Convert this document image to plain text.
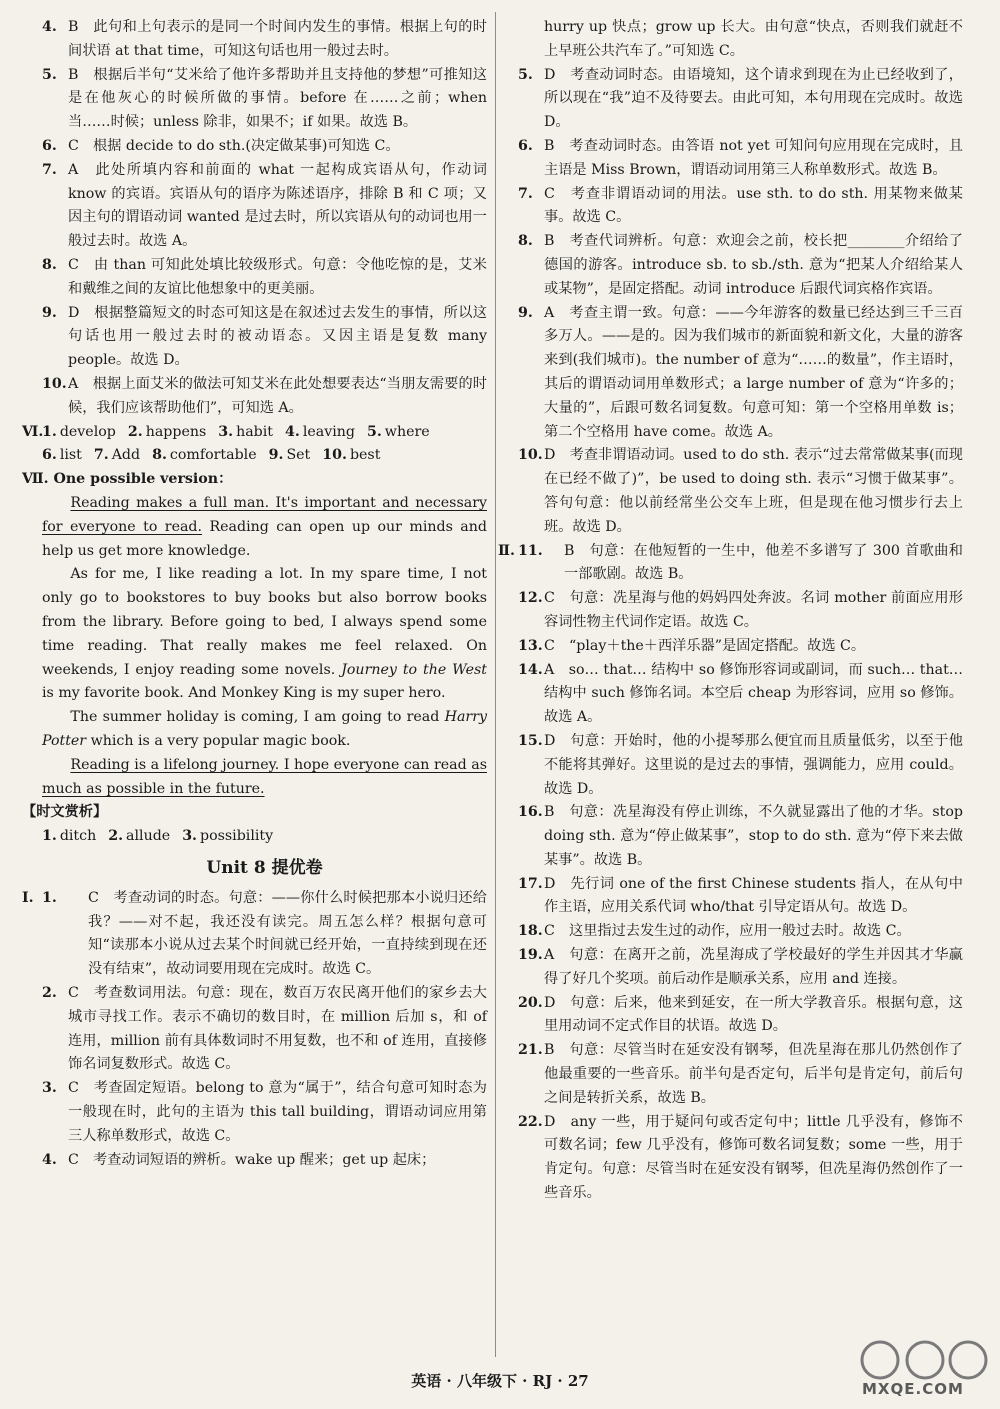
4. B　此句和上句表示的是同一个时间内发生的事情。根据上句的时间状语 at that time，可知这句话也用一般过去时。

5. B　根据后半句“艾米给了他许多帮助并且支持他的梦想”可推知这是在他灰心的时候所做的事情。before 在……之前；when 当……时候；unless 除非，如果不；if 如果。故选 B。

6. C　根据 decide to do sth.(决定做某事)可知选 C。

7. A　此处所填内容和前面的 what 一起构成宾语从句，作动词 know 的宾语。宾语从句的语序为陈述语序，排除 B 和 C 项；又因主句的谓语动词 wanted 是过去时，所以宾语从句的动词也用一般过去时。故选 A。

8. C　由 than 可知此处填比较级形式。句意：令他吃惊的是，艾米和戴维之间的友谊比他想象中的更美丽。

9. D　根据整篇短文的时态可知这是在叙述过去发生的事情，所以这句话也用一般过去时的被动语态。又因主语是复数 many people。故选 D。

10. A　根据上面艾米的做法可知艾米在此处想要表达“当朋友需要的时候，我们应该帮助他们”，可知选 A。

Ⅵ.
1. develop 2. happens 3. habit 4. leaving 5. where
6. list 7. Add 8. comfortable 9. Set 10. best
Ⅶ. One possible version：

Reading makes a full man. It's important and necessary for everyone to read. Reading can open up our minds and help us get more knowledge.

As for me, I like reading a lot. In my spare time, I not only go to bookstores to buy books but also borrow books from the library. Before going to bed, I always spend some time reading. That really makes me feel relaxed. On weekends, I enjoy reading some novels. Journey to the West is my favorite book. And Monkey King is my super hero.

The summer holiday is coming, I am going to read Harry Potter which is a very popular magic book.

Reading is a lifelong journey. I hope everyone can read as much as possible in the future.

【时文赏析】
1. ditch 2. allude 3. possibility
Unit 8 提优卷

Ⅰ. 1. C　考查动词的时态。句意：——你什么时候把那本小说归还给我？——对不起，我还没有读完。周五怎么样？根据句意可知“读那本小说从过去某个时间就已经开始，一直持续到现在还没有结束”，故动词要用现在完成时。故选 C。

2. C　考查数词用法。句意：现在，数百万农民离开他们的家乡去大城市寻找工作。表示不确切的数目时，在 million 后加 s，和 of 连用，million 前有具体数词时不用复数，也不和 of 连用，直接修饰名词复数形式。故选 C。

3. C　考查固定短语。belong to 意为“属于”，结合句意可知时态为一般现在时，此句的主语为 this tall building，谓语动词应用第三人称单数形式，故选 C。

4. C　考查动词短语的辨析。wake up 醒来；get up 起床；

hurry up 快点；grow up 长大。由句意“快点，否则我们就赶不上早班公共汽车了。”可知选 C。

5. D　考查动词时态。由语境知，这个请求到现在为止已经收到了，所以现在“我”迫不及待要去。由此可知，本句用现在完成时。故选 D。

6. B　考查动词时态。由答语 not yet 可知问句应用现在完成时，且主语是 Miss Brown，谓语动词用第三人称单数形式。故选 B。

7. C　考查非谓语动词的用法。use sth. to do sth. 用某物来做某事。故选 C。

8. B　考查代词辨析。句意：欢迎会之前，校长把________介绍给了德国的游客。introduce sb. to sb./sth. 意为“把某人介绍给某人或某物”，是固定搭配。动词 introduce 后跟代词宾格作宾语。

9. A　考查主谓一致。句意：——今年游客的数量已经达到三千三百多万人。——是的。因为我们城市的新面貌和新文化，大量的游客来到(我们城市)。the number of 意为“……的数量”，作主语时，其后的谓语动词用单数形式；a large number of 意为“许多的；大量的”，后跟可数名词复数。句意可知：第一个空格用单数 is；第二个空格用 have come。故选 A。

10. D　考查非谓语动词。used to do sth. 表示“过去常常做某事(而现在已经不做了)”，be used to doing sth. 表示“习惯于做某事”。答句句意：他以前经常坐公交车上班，但是现在他习惯步行去上班。故选 D。

Ⅱ. 11. B　句意：在他短暂的一生中，他差不多谱写了 300 首歌曲和一部歌剧。故选 B。

12. C　句意：冼星海与他的妈妈四处奔波。名词 mother 前面应用形容词性物主代词作定语。故选 C。

13. C　“play＋the＋西洋乐器”是固定搭配。故选 C。

14. A　so… that… 结构中 so 修饰形容词或副词，而 such… that… 结构中 such 修饰名词。本空后 cheap 为形容词，应用 so 修饰。故选 A。

15. D　句意：开始时，他的小提琴那么便宜而且质量低劣，以至于他不能将其弹好。这里说的是过去的事情，强调能力，应用 could。故选 D。

16. B　句意：冼星海没有停止训练，不久就显露出了他的才华。stop doing sth. 意为“停止做某事”，stop to do sth. 意为“停下来去做某事”。故选 B。

17. D　先行词 one of the first Chinese students 指人，在从句中作主语，应用关系代词 who/that 引导定语从句。故选 D。

18. C　这里指过去发生过的动作，应用一般过去时。故选 C。

19. A　句意：在离开之前，冼星海成了学校最好的学生并因其才华赢得了好几个奖项。前后动作是顺承关系，应用 and 连接。

20. D　句意：后来，他来到延安，在一所大学教音乐。根据句意，这里用动词不定式作目的状语。故选 D。

21. B　句意：尽管当时在延安没有钢琴，但冼星海在那儿仍然创作了他最重要的一些音乐。前半句是否定句，后半句是肯定句，前后句之间是转折关系，故选 B。

22. D　any 一些，用于疑问句或否定句中；little 几乎没有，修饰不可数名词；few 几乎没有，修饰可数名词复数；some 一些，用于肯定句。句意：尽管当时在延安没有钢琴，但冼星海仍然创作了一些音乐。

英语 · 八年级下 · RJ · 27	MXQE.COM
